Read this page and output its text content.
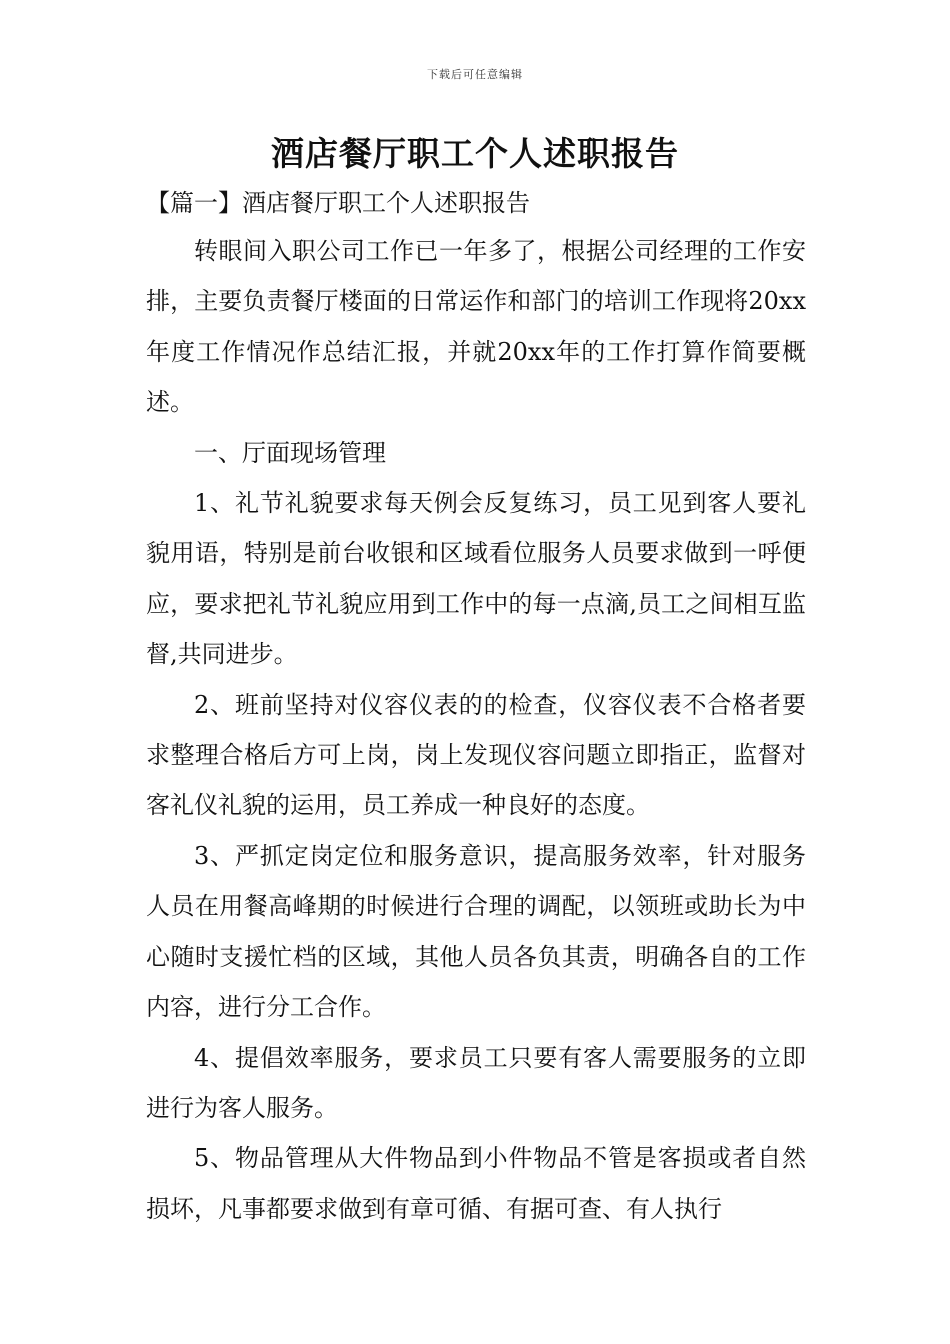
下载后可任意编辑
酒店餐厅职工个人述职报告
【篇一】酒店餐厅职工个人述职报告

转眼间入职公司工作已一年多了，根据公司经理的工作安排，主要负责餐厅楼面的日常运作和部门的培训工作现将20xx年度工作情况作总结汇报，并就20xx年的工作打算作简要概述。

一、厅面现场管理

1、礼节礼貌要求每天例会反复练习，员工见到客人要礼貌用语，特别是前台收银和区域看位服务人员要求做到一呼便应，要求把礼节礼貌应用到工作中的每一点滴,员工之间相互监督,共同进步。

2、班前坚持对仪容仪表的的检查，仪容仪表不合格者要求整理合格后方可上岗，岗上发现仪容问题立即指正，监督对客礼仪礼貌的运用，员工养成一种良好的态度。

3、严抓定岗定位和服务意识，提高服务效率，针对服务人员在用餐高峰期的时候进行合理的调配，以领班或助长为中心随时支援忙档的区域，其他人员各负其责，明确各自的工作内容，进行分工合作。

4、提倡效率服务，要求员工只要有客人需要服务的立即进行为客人服务。

5、物品管理从大件物品到小件物品不管是客损或者自然损坏，凡事都要求做到有章可循、有据可查、有人执行
